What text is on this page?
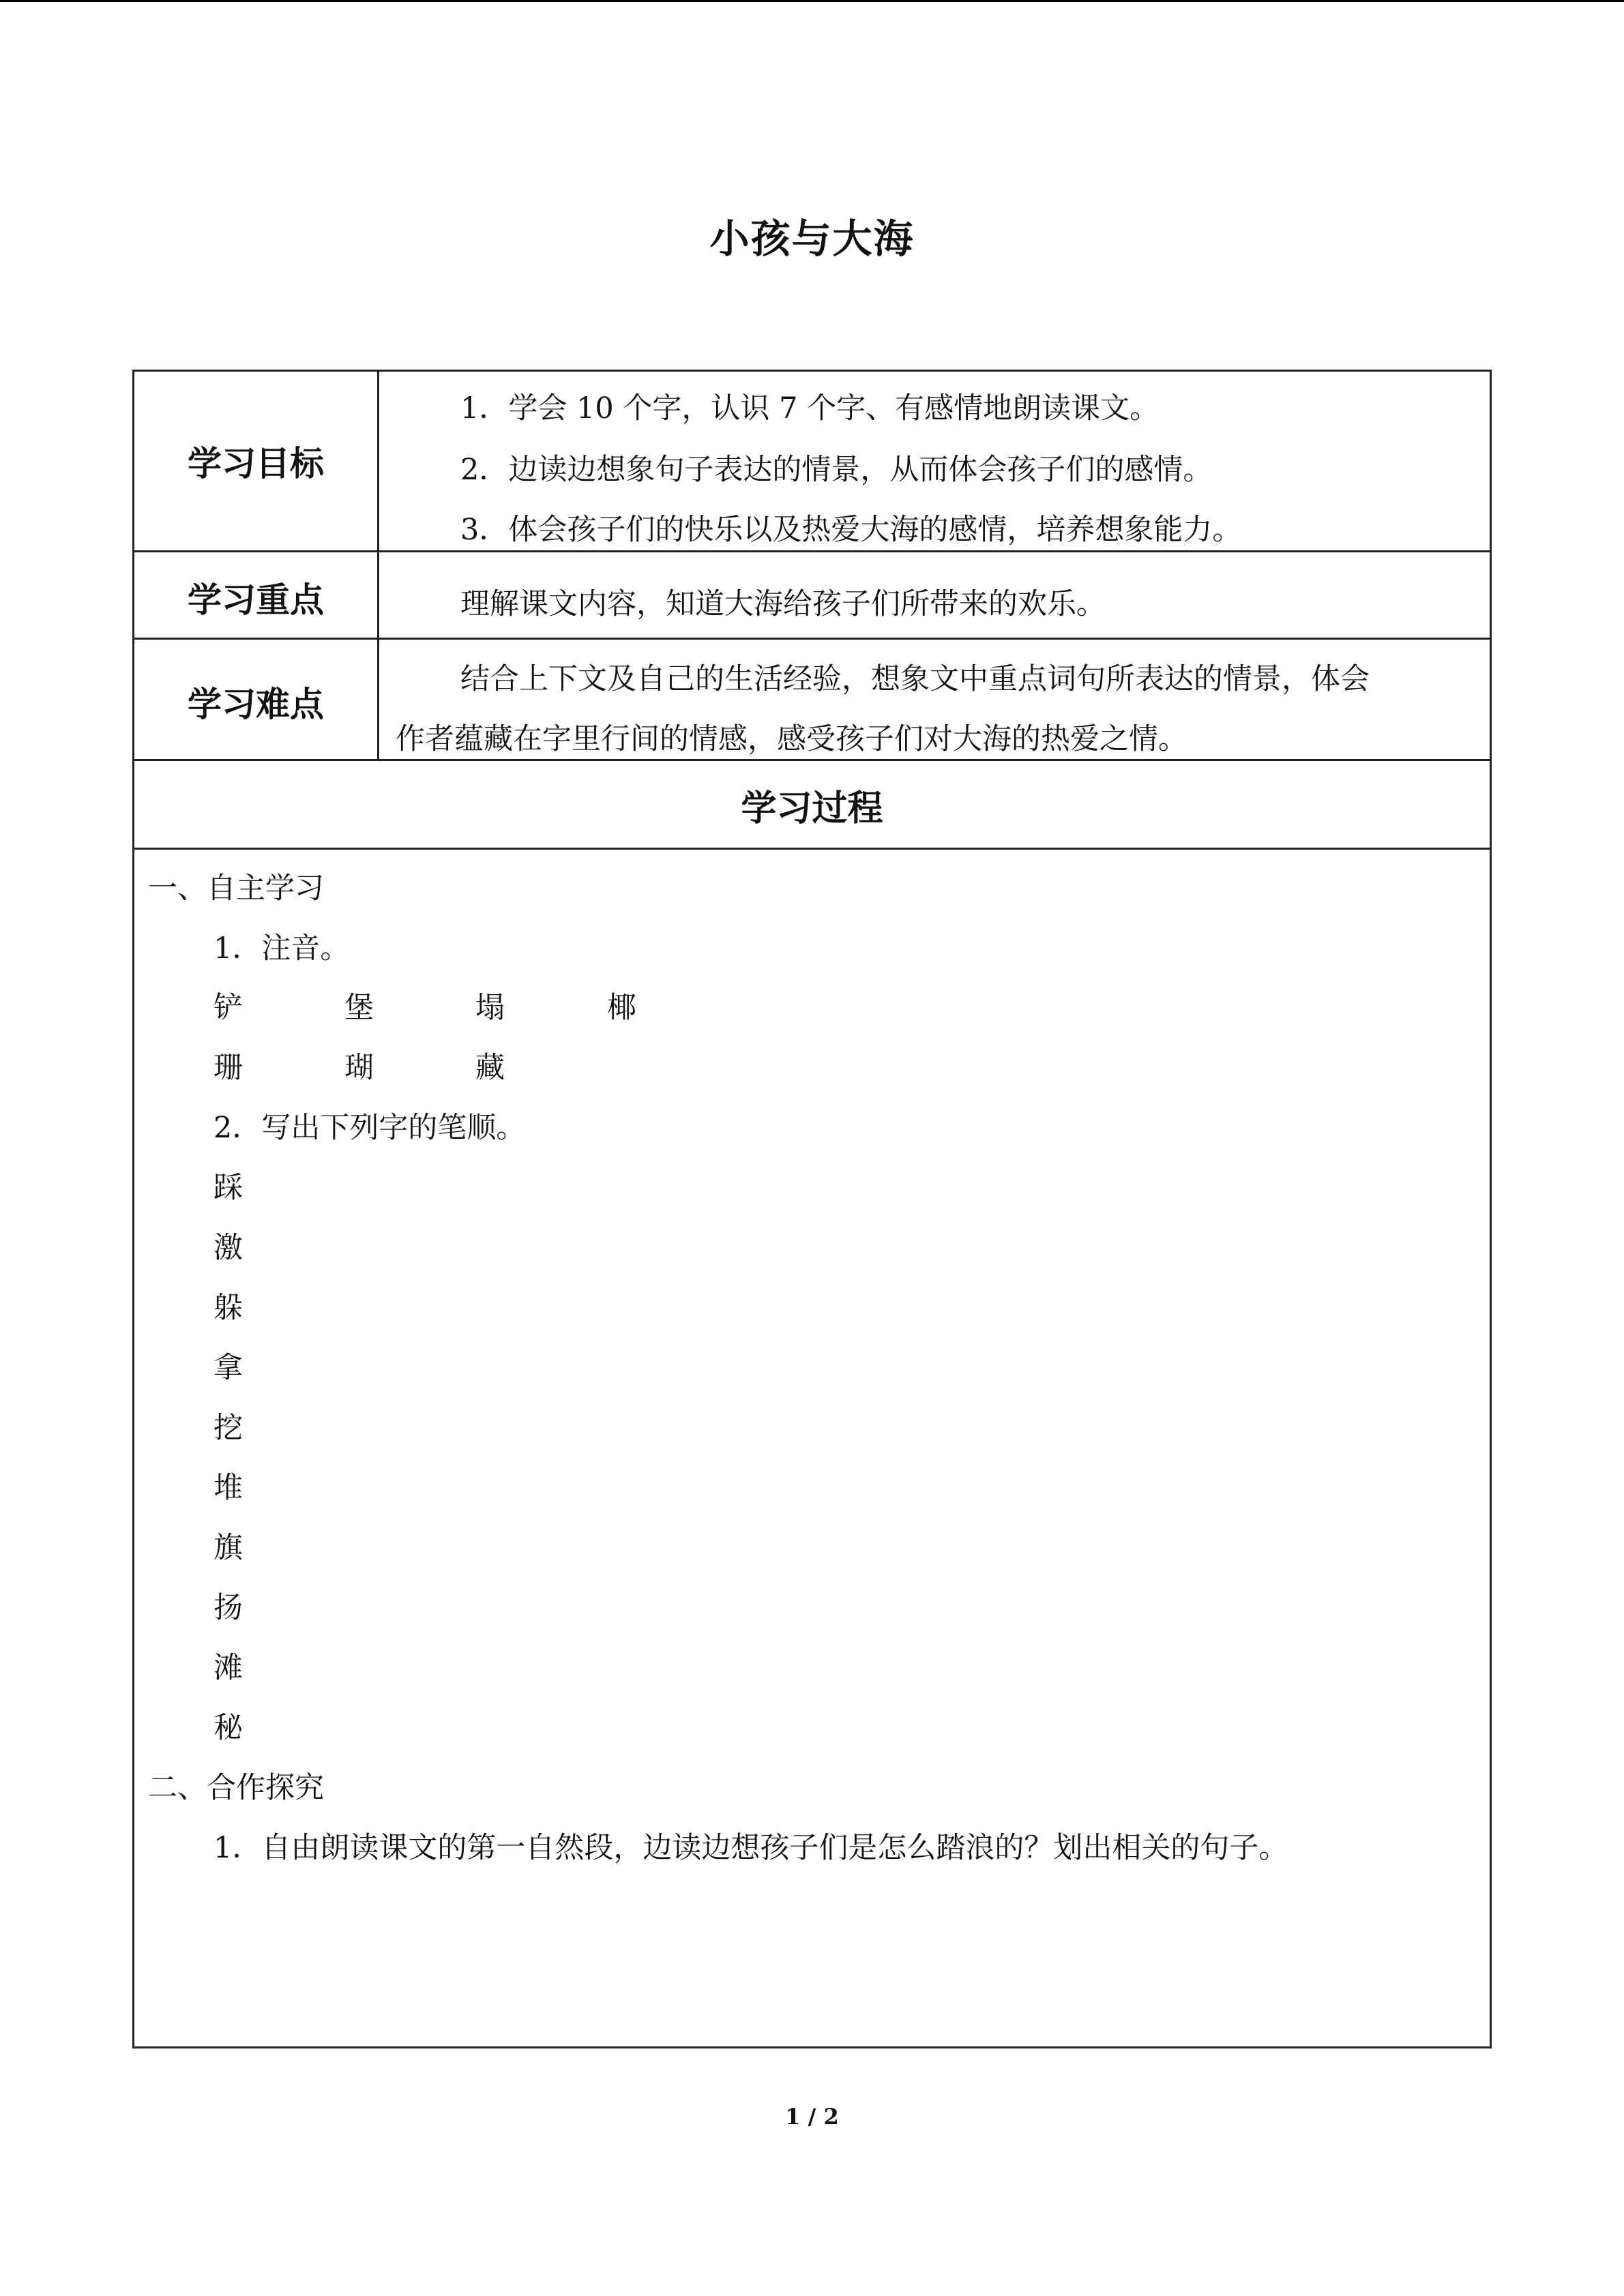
小孩与大海
学习目标
1．学会 10 个字，认识 7 个字、有感情地朗读课文。
2．边读边想象句子表达的情景，从而体会孩子们的感情。
3．体会孩子们的快乐以及热爱大海的感情，培养想象能力。
学习重点	理解课文内容，知道大海给孩子们所带来的欢乐。
学习难点
结合上下文及自己的生活经验，想象文中重点词句所表达的情景，体会
作者蕴藏在字里行间的情感，感受孩子们对大海的热爱之情。
学习过程
一、自主学习
1．注音。
铲	堡	塌	椰
珊	瑚	藏
2．写出下列字的笔顺。
踩
激
躲
拿
挖
堆
旗
扬
滩
秘
二、合作探究
1．自由朗读课文的第一自然段，边读边想孩子们是怎么踏浪的？划出相关的句子。
1 / 2
